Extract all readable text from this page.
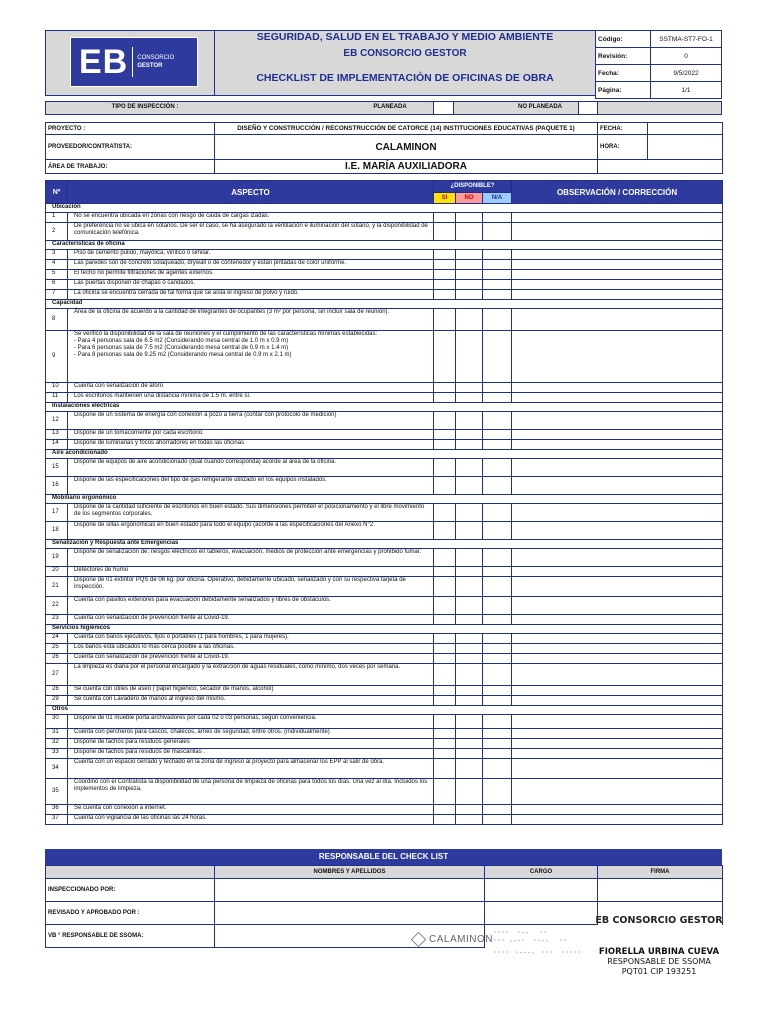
EB CONSORCIO
GESTOR
SEGURIDAD, SALUD EN EL TRABAJO Y MEDIO AMBIENTE
EB CONSORCIO GESTOR
CHECKLIST DE IMPLEMENTACIÓN DE OFICINAS DE OBRA
Código:	SSTMA-ST7-FO-1
Revisión:	0
Fecha:	9/5/2022
Página:	1/1
TIPO DE INSPECCIÓN :	PLANEADA	NO PLANEADA
PROYECTO :	DISEÑO Y CONSTRUCCIÓN / RECONSTRUCCIÓN DE CATORCE (14) INSTITUCIONES EDUCATIVAS (PAQUETE 1)	FECHA:	
PROVEEDOR/CONTRATISTA:	CALAMINON	HORA:	
ÁREA DE TRABAJO:	I.E. MARÍA AUXILIADORA		
Nº	ASPECTO	¿DISPONIBLE?			OBSERVACIÓN / CORRECCIÓN
		SI	NO	N/A	
Ubicación					
1	No se encuentra ubicada en zonas con riesgo de caída de cargas izadas.				
2	De preferencia no se ubica en sótanos. De ser el caso, se ha asegurado la ventilación e iluminación del sótano, y la disponibilidad de comunicación telefónica.				
Características de oficina					
3	Piso de cemento pulido, mayólica, vinílico o similar.				
4	Las paredes son de concreto solaqueado, drywall o de contenedor y están pintadas de color uniforme.				
5	El techo no permite filtraciones de agentes externos.				
6	Las puertas disponen de chapas o candados.				
7	La oficina se encuentra cerrada de tal forma que se aísla el ingreso de polvo y ruido.				
Capacidad					
8	Área de la oficina de acuerdo a la cantidad de integrantes de ocupantes (3 m² por persona, sin incluir sala de reunión).				
9	Se verificó la disponibilidad de la sala de reuniones y el cumplimiento de las características mínimas establecidas:
- Para 4 personas sala de 6.5 m2 (Considerando mesa central de 1.0 m x 0.9 m)
- Para 6 personas sala de 7.5 m2 (Considerando mesa central de 0.9 m x 1.4 m)
- Para 8 personas sala de 9.25 m2 (Considerando mesa central de 0.9 m x 2.1 m)				
10	Cuenta con señalización de aforo				
11	Los escritorios mantienen una distancia mínima de 1.5 m. entre sí.				
Instalaciones eléctricas					
12	Dispone de un sistema de energía con conexión a pozo a tierra (contar con protocolo de medición)				
13	Dispone de un tomacorriente por cada escritorio.				
14	Dispone de luminarias y focos ahorradores en todas las oficinas				
Aire acondicionado					
15	Dispone de equipos de aire acondicionado (dual cuando corresponda) acorde al área de la oficina.				
16	Dispone de las especificaciones del tipo de gas refrigerante utilizado en los equipos instalados.				
Mobiliario ergonómico					
17	Dispone de la cantidad suficiente de escritorios en buen estado. Sus dimensiones permiten el posicionamiento y el libre movimiento de los segmentos corporales.				
18	Dispone de sillas ergonómicas en buen estado para todo el equipo (acorde a las especificaciones del Anexo N°2.				
Señalización y Respuesta ante Emergencias					
19	Dispone de señalización de: riesgos eléctricos en tableros, evacuación, medios de protección ante emergencias y prohibido fumar.				
20	Detectores de humo				
21	Dispone de 01 extintor PQS de 06 kg. por oficina. Operativo, debidamente ubicado, señalizado y con su respectiva tarjeta de inspección.				
22	Cuenta con pasillos exteriores para evacuación debidamente señalizados y libres de obstáculos.				
23	Cuenta con señalización de prevención frente al Covid-19.				
Servicios higiénicos					
24	Cuenta con baños ejecutivos, fijos o portátiles (1 para hombres, 1 para mujeres).				
25	Los baños está ubicados lo más cerca posible a las oficinas.				
26	Cuenta con señalización de prevención frente al Covid-19.				
27	La limpieza es diaria por el personal encargado y la extracción de aguas residuales, como mínimo, dos veces por semana.				
28	Se cuenta con útiles de aseo ( papel higiénico, secador de manos, alcohol)				
29	Se cuenta con Lavadero de manos al ingreso del mismo.				
Otros					
30	Dispone de 01 mueble porta archivadores por cada 02 o 03 personas, según conveniencia.				
31	Cuenta con percheros para cascos, chalecos, arnés de seguridad, entre otros. (individualmente)				
32	Dispone de tachos para residuos generales				
33	Dispone de tachos para residuos de mascarillas .				
34	Cuenta con un espacio cerrado y techado en la zona de ingreso al proyecto para almacenar los EPP al salir de obra.				
35	Coordinó con el Contratista la disponibilidad de una persona de limpieza de oficinas para todos los días. Una vez al día. Incluidos los implementos de limpieza.				
36	Se cuenta con conexión a internet.				
37	Cuenta con vigilancia de las oficinas las 24 horas.				
RESPONSABLE DEL CHECK LIST
	NOMBRES Y APELLIDOS	CARGO	FIRMA
INSPECCIONADO POR:			
REVISADO Y APROBADO POR :			
VB ° RESPONSABLE DE SSOMA:				CALAMINON
EB CONSORCIO GESTOR
FIORELLA URBINA CUEVA
RESPONSABLE DE SSOMA
PQT01 CIP 193251
